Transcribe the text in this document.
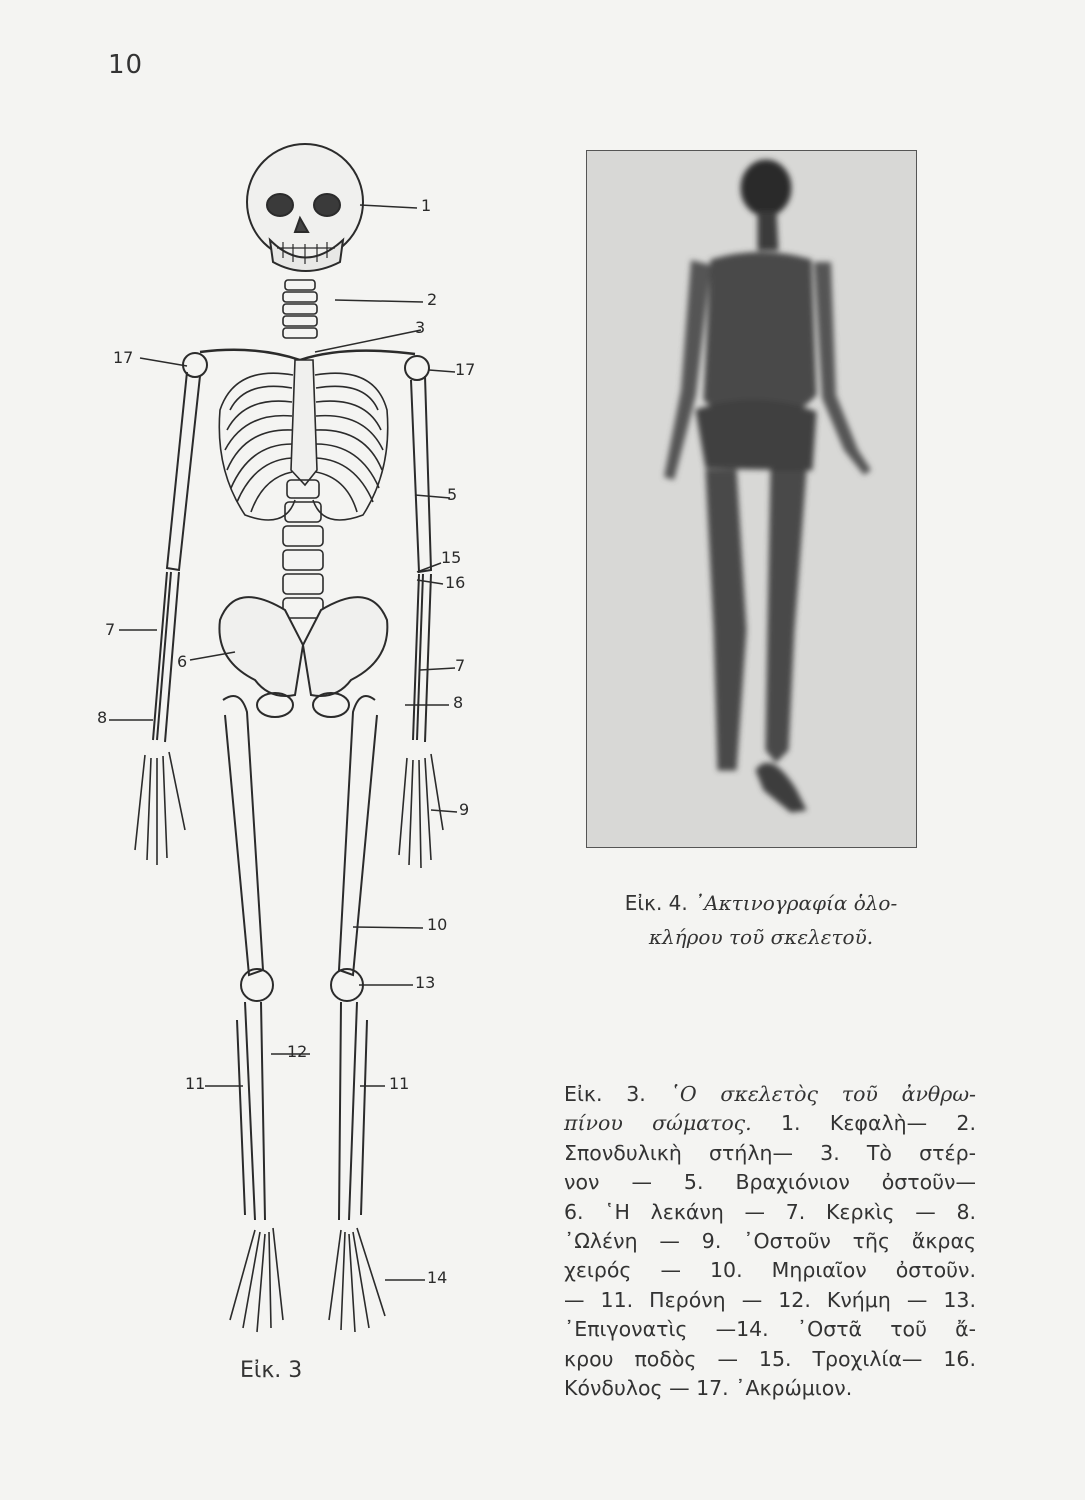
10
1
2
3
17
17
5
15
16
7
6	7
8
8
9
10
13
12
11	11
14
Εἰκ. 3
Εἰκ. 4. ᾿Ακτινογραφία ὁλο-
κλήρου τοῦ σκελετοῦ.
Εἰκ. 3. ῾Ο σκελετὸς τοῦ ἀνθρω-
πίνου σώματος. 1. Κεφαλὴ— 2.
Σπονδυλικὴ στήλη— 3. Τὸ στέρ-
νον — 5. Βραχιόνιον ὀστοῦν—
6. ῾Η λεκάνη — 7. Κερκὶς — 8.
᾿Ωλένη — 9. ᾿Οστοῦν τῆς ἄκρας
χειρός — 10. Μηριαῖον ὀστοῦν.
— 11. Περόνη — 12. Κνήμη — 13.
᾿Επιγονατὶς —14. ᾿Οστᾶ τοῦ ἄ-
κρου ποδὸς — 15. Τροχιλία— 16.
Κόνδυλος — 17. ᾿Ακρώμιον.
